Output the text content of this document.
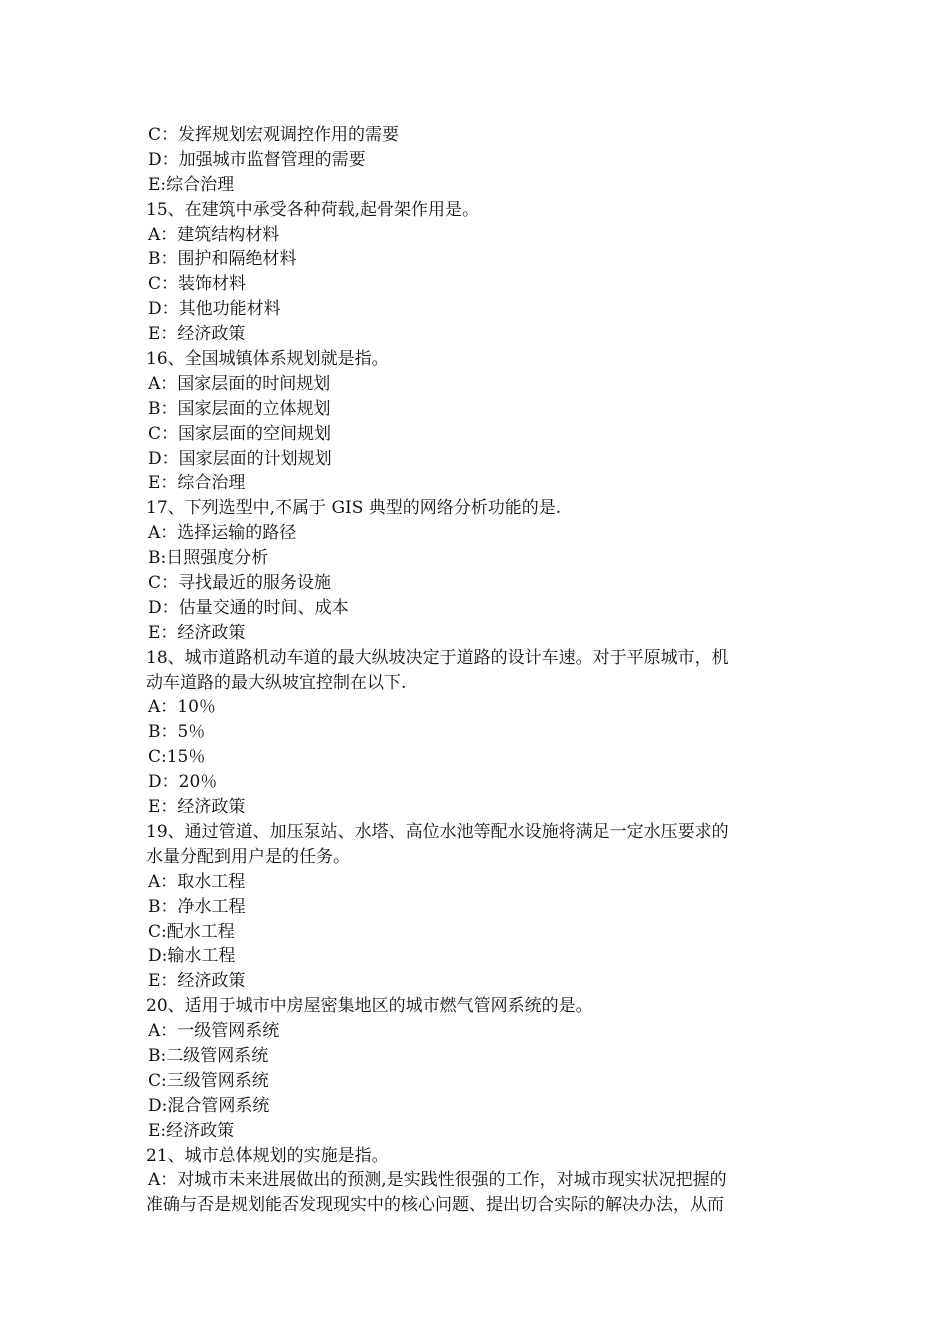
C：发挥规划宏观调控作用的需要
D：加强城市监督管理的需要
E:综合治理
15、在建筑中承受各种荷载,起骨架作用是。
A：建筑结构材料
B：围护和隔绝材料
C：装饰材料
D：其他功能材料
E：经济政策
16、全国城镇体系规划就是指。
A：国家层面的时间规划
B：国家层面的立体规划
C：国家层面的空间规划
D：国家层面的计划规划
E：综合治理
17、下列选型中,不属于 GIS 典型的网络分析功能的是.
A：选择运输的路径
B:日照强度分析
C：寻找最近的服务设施
D：估量交通的时间、成本
E：经济政策
18、城市道路机动车道的最大纵坡决定于道路的设计车速。对于平原城市，机
动车道路的最大纵坡宜控制在以下.
A：10％
B：5％
C:15％
D：20％
E：经济政策
19、通过管道、加压泵站、水塔、高位水池等配水设施将满足一定水压要求的
水量分配到用户是的任务。
A：取水工程
B：净水工程
C:配水工程
D:输水工程
E：经济政策
20、适用于城市中房屋密集地区的城市燃气管网系统的是。
A：一级管网系统
B:二级管网系统
C:三级管网系统
D:混合管网系统
E:经济政策
21、城市总体规划的实施是指。
A：对城市未来进展做出的预测,是实践性很强的工作，对城市现实状况把握的
准确与否是规划能否发现现实中的核心问题、提出切合实际的解决办法，从而
